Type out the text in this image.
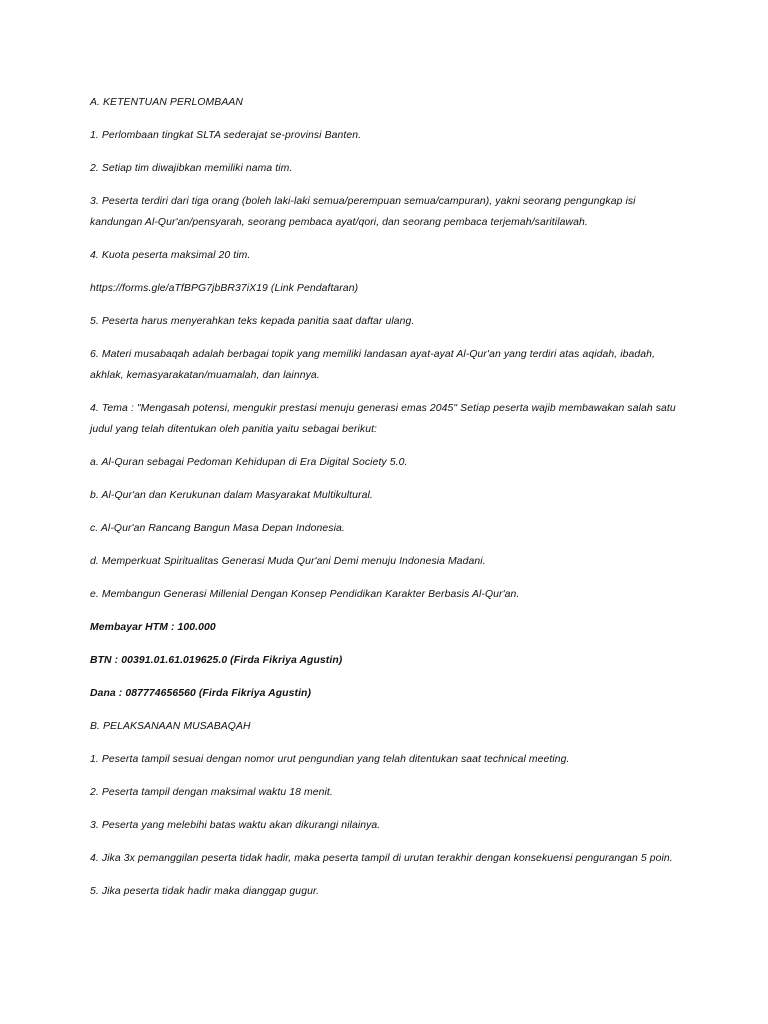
A. KETENTUAN PERLOMBAAN

1. Perlombaan tingkat SLTA sederajat se-provinsi Banten.

2. Setiap tim diwajibkan memiliki nama tim.

3. Peserta terdiri dari tiga orang (boleh laki-laki semua/perempuan semua/campuran), yakni seorang pengungkap isi kandungan Al-Qur'an/pensyarah, seorang pembaca ayat/qori, dan seorang pembaca terjemah/saritilawah.

4. Kuota peserta maksimal 20 tim.

https://forms.gle/aTfBPG7jbBR37iX19 (Link Pendaftaran)

5. Peserta harus menyerahkan teks kepada panitia saat daftar ulang.

6. Materi musabaqah adalah berbagai topik yang memiliki landasan ayat-ayat Al-Qur'an yang terdiri atas aqidah, ibadah, akhlak, kemasyarakatan/muamalah, dan lainnya.

4. Tema : "Mengasah potensi, mengukir prestasi menuju generasi emas 2045" Setiap peserta wajib membawakan salah satu judul yang telah ditentukan oleh panitia yaitu sebagai berikut:

a. Al-Quran sebagai Pedoman Kehidupan di Era Digital Society 5.0.

b. Al-Qur'an dan Kerukunan dalam Masyarakat Multikultural.

c. Al-Qur'an Rancang Bangun Masa Depan Indonesia.

d. Memperkuat Spiritualitas Generasi Muda Qur'ani Demi menuju Indonesia Madani.

e. Membangun Generasi Millenial Dengan Konsep Pendidikan Karakter Berbasis Al-Qur'an.

Membayar HTM : 100.000

BTN : 00391.01.61.019625.0 (Firda Fikriya Agustin)

Dana : 087774656560 (Firda Fikriya Agustin)

B. PELAKSANAAN MUSABAQAH

1. Peserta tampil sesuai dengan nomor urut pengundian yang telah ditentukan saat technical meeting.

2. Peserta tampil dengan maksimal waktu 18 menit.

3. Peserta yang melebihi batas waktu akan dikurangi nilainya.

4. Jika 3x pemanggilan peserta tidak hadir, maka peserta tampil di urutan terakhir dengan konsekuensi pengurangan 5 poin.

5. Jika peserta tidak hadir maka dianggap gugur.
